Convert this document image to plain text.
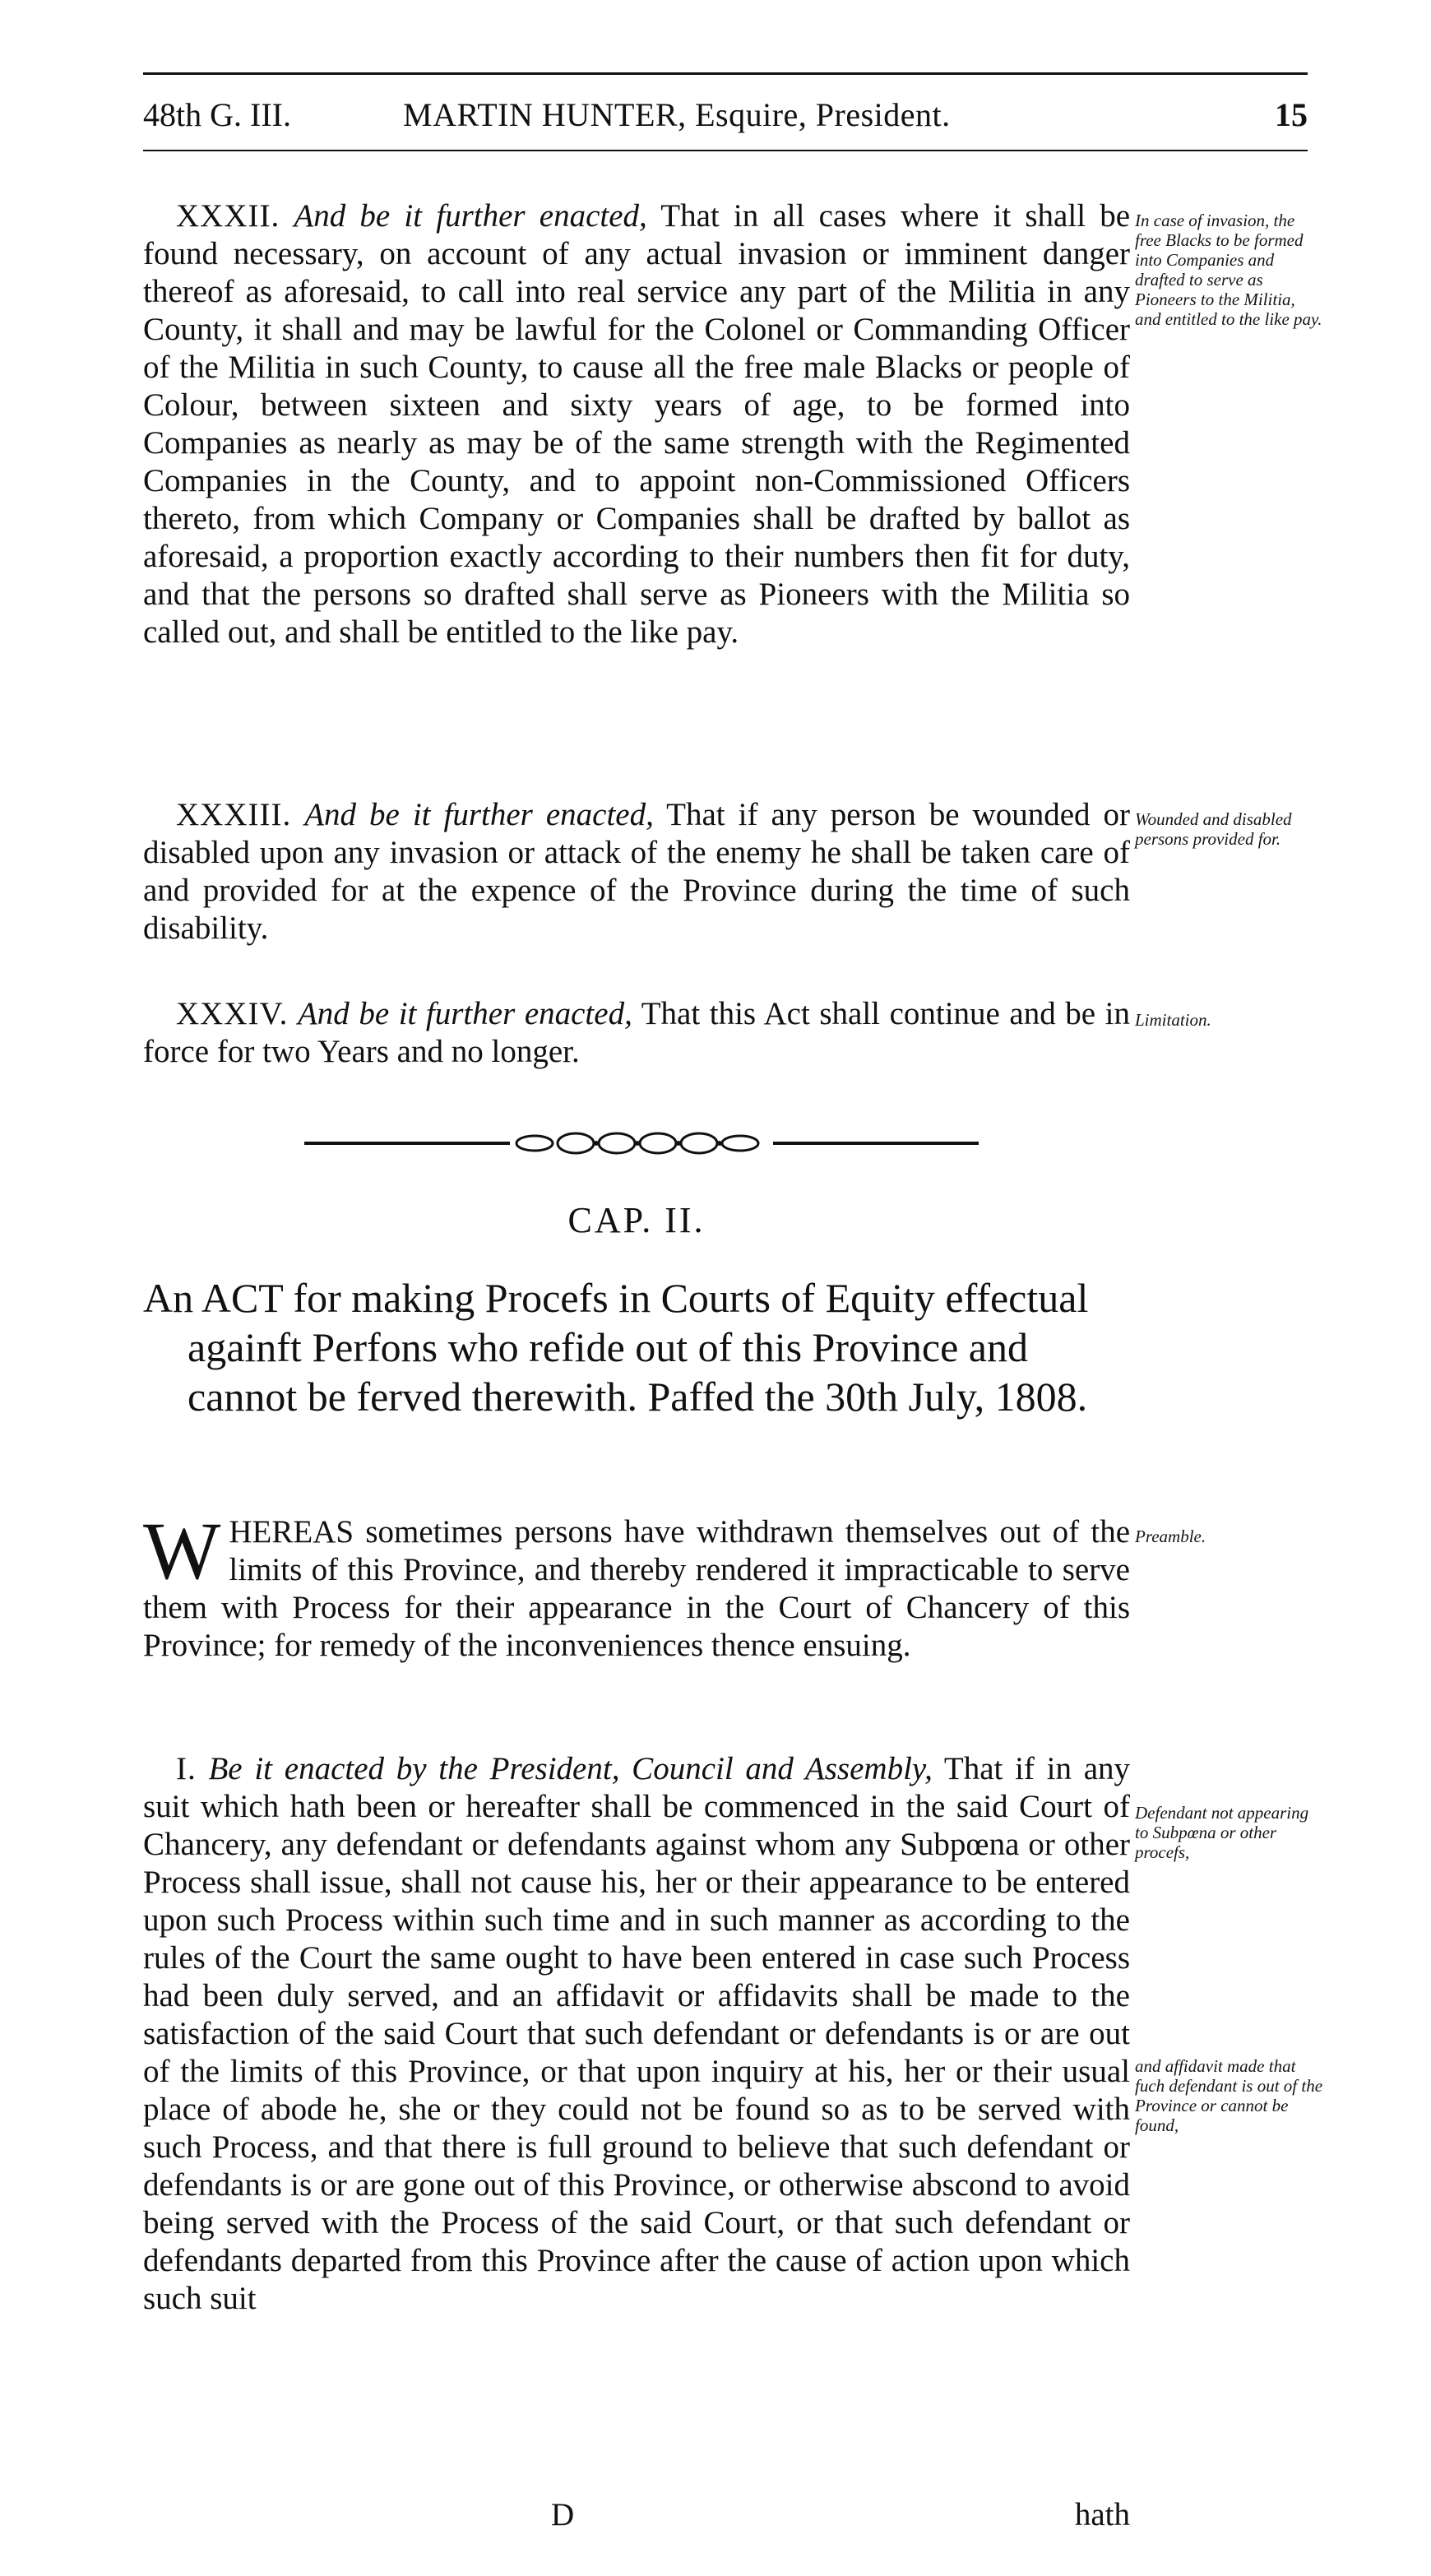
48th G. III.	MARTIN HUNTER, Esquire, President.	15

XXXII. And be it further enacted, That in all cases where it shall be found necessary, on account of any actual invasion or imminent danger thereof as aforesaid, to call into real service any part of the Militia in any County, it shall and may be lawful for the Colonel or Commanding Officer of the Militia in such County, to cause all the free male Blacks or people of Colour, between sixteen and sixty years of age, to be formed into Companies as nearly as may be of the same strength with the Regimented Companies in the County, and to appoint non-Commissioned Officers thereto, from which Company or Companies shall be drafted by ballot as aforesaid, a proportion exactly according to their numbers then fit for duty, and that the persons so drafted shall serve as Pioneers with the Militia so called out, and shall be entitled to the like pay.

In case of invasion, the free Blacks to be formed into Companies and drafted to serve as Pioneers to the Militia, and entitled to the like pay.

XXXIII. And be it further enacted, That if any person be wounded or disabled upon any invasion or attack of the enemy he shall be taken care of and provided for at the expence of the Province during the time of such disability.

Wounded and disabled persons provided for.

XXXIV. And be it further enacted, That this Act shall continue and be in force for two Years and no longer.

Limitation.
CAP. II.
An ACT for making Procefs in Courts of Equity effectual againft Perfons who refide out of this Province and cannot be ferved therewith. Paffed the 30th July, 1808.

WHEREAS sometimes persons have withdrawn themselves out of the limits of this Province, and thereby rendered it impracticable to serve them with Process for their appearance in the Court of Chancery of this Province; for remedy of the inconveniences thence ensuing.

Preamble.

I. Be it enacted by the President, Council and Assembly, That if in any suit which hath been or hereafter shall be commenced in the said Court of Chancery, any defendant or defendants against whom any Subpœna or other Process shall issue, shall not cause his, her or their appearance to be entered upon such Process within such time and in such manner as according to the rules of the Court the same ought to have been entered in case such Process had been duly served, and an affidavit or affidavits shall be made to the satisfaction of the said Court that such defendant or defendants is or are out of the limits of this Province, or that upon inquiry at his, her or their usual place of abode he, she or they could not be found so as to be served with such Process, and that there is full ground to believe that such defendant or defendants is or are gone out of this Province, or otherwise abscond to avoid being served with the Process of the said Court, or that such defendant or defendants departed from this Province after the cause of action upon which such suit

Defendant not appearing to Subpœna or other procefs,
and affidavit made that fuch defendant is out of the Province or cannot be found,
D	hath
